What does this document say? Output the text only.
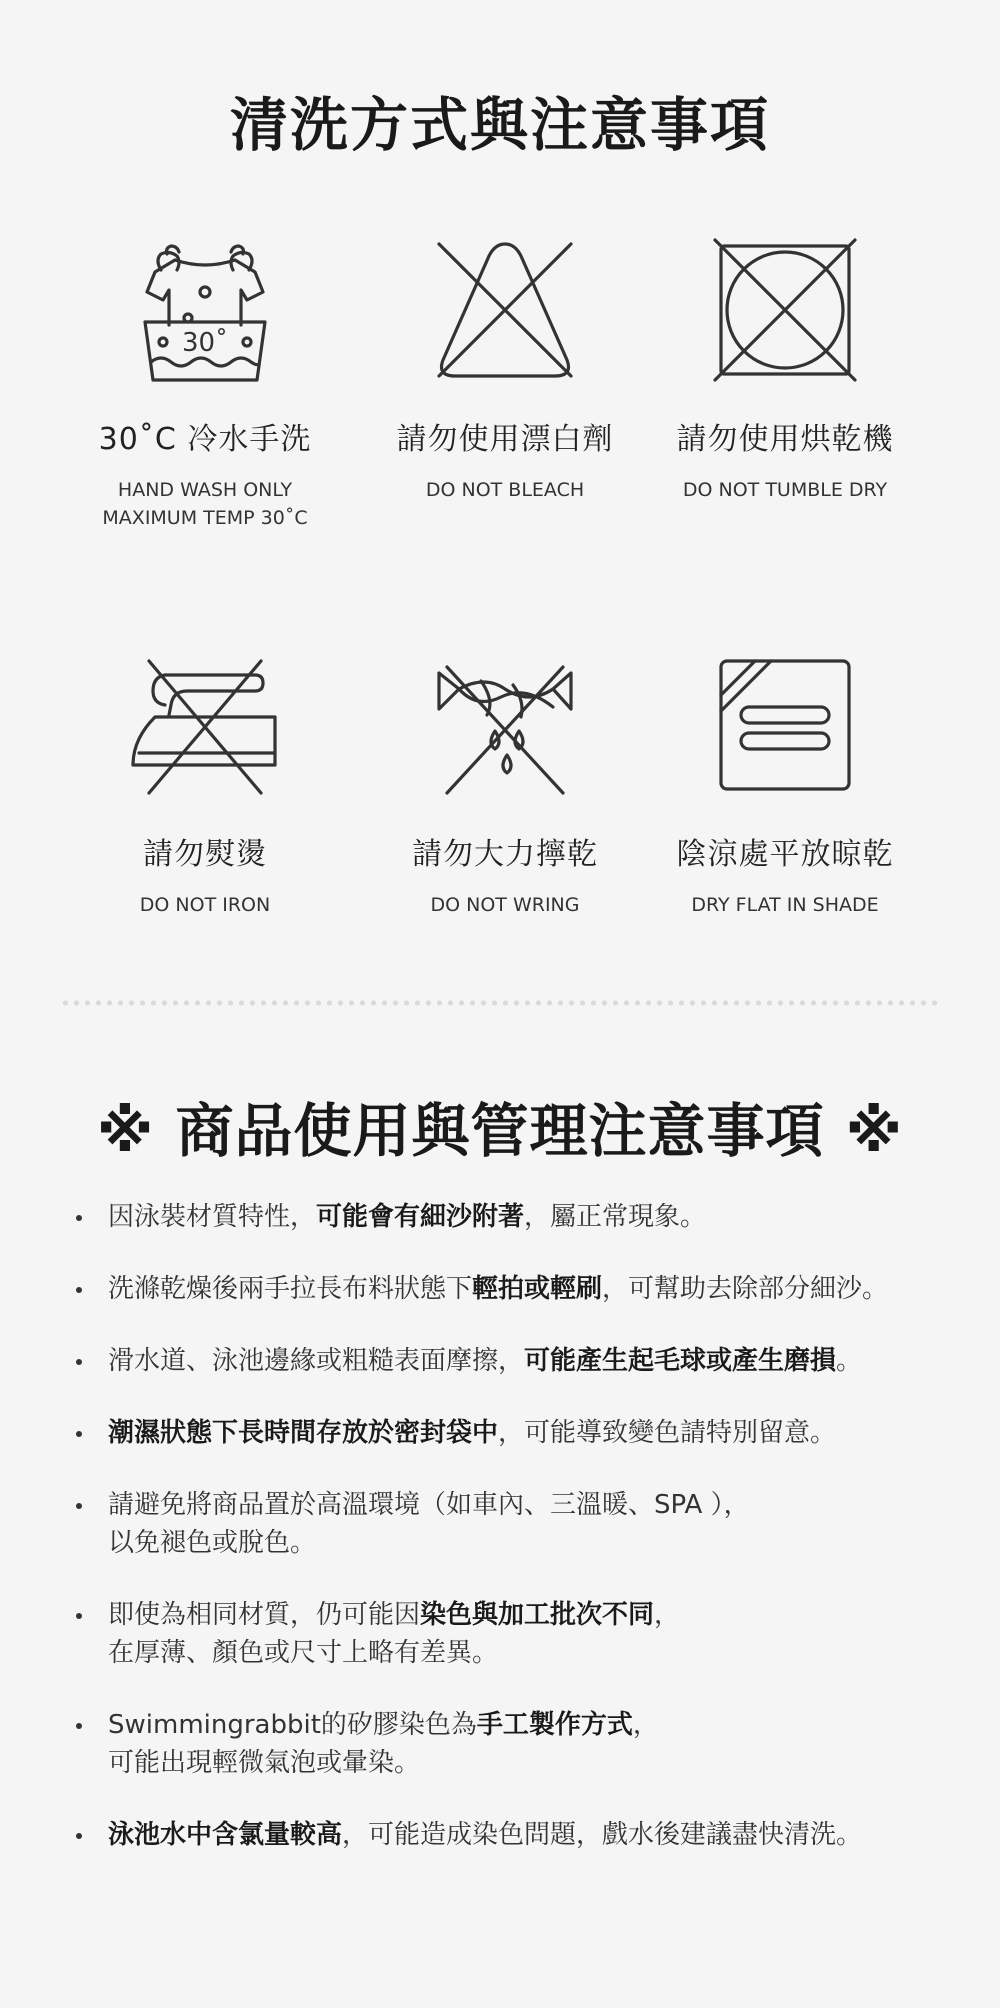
清洗方式與注意事項
30˚
30˚C 冷水手洗
HAND WASH ONLY
MAXIMUM TEMP 30˚C
請勿使用漂白劑
DO NOT BLEACH
請勿使用烘乾機
DO NOT TUMBLE DRY
請勿熨燙
DO NOT IRON
請勿大力擰乾
DO NOT WRING
陰涼處平放晾乾
DRY FLAT IN SHADE
※ 商品使用與管理注意事項 ※
因泳裝材質特性，可能會有細沙附著，屬正常現象。
洗滌乾燥後兩手拉長布料狀態下輕拍或輕刷，可幫助去除部分細沙。
滑水道、泳池邊緣或粗糙表面摩擦，可能產生起毛球或產生磨損。
潮濕狀態下長時間存放於密封袋中，可能導致變色請特別留意。
請避免將商品置於高溫環境（如車內、三溫暖、SPA ），
以免褪色或脫色。
即使為相同材質，仍可能因染色與加工批次不同，
在厚薄、顏色或尺寸上略有差異。
Swimmingrabbit的矽膠染色為手工製作方式，
可能出現輕微氣泡或暈染。
泳池水中含氯量較高，可能造成染色問題，戲水後建議盡快清洗。
